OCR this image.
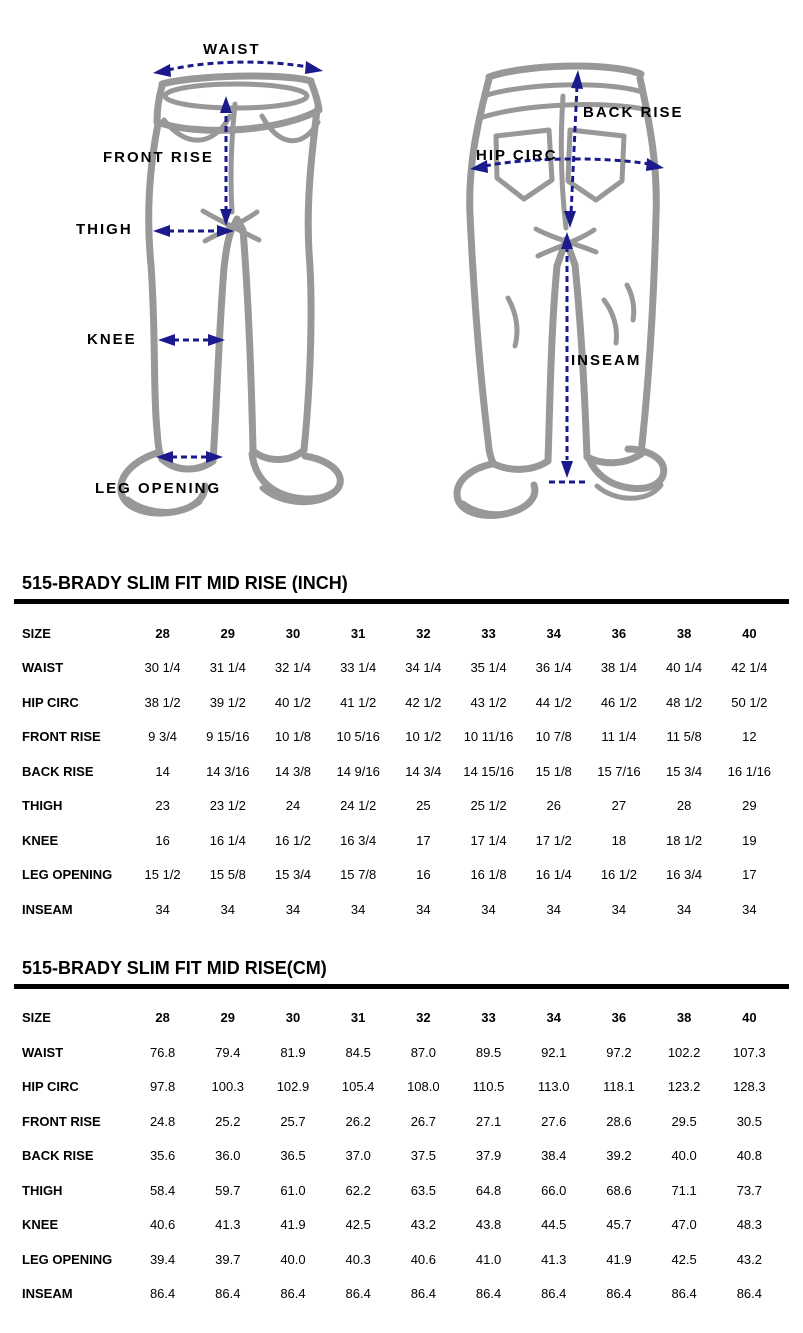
WAIST
FRONT RISE
THIGH
KNEE
LEG OPENING
BACK RISE
HIP CIRC
INSEAM
515-BRADY SLIM FIT MID RISE (INCH)
SIZE	28	29	30	31	32	33	34	36	38	40
WAIST	30 1/4	31 1/4	32 1/4	33 1/4	34 1/4	35 1/4	36 1/4	38 1/4	40 1/4	42 1/4
HIP CIRC	38 1/2	39 1/2	40 1/2	41 1/2	42 1/2	43 1/2	44 1/2	46 1/2	48 1/2	50 1/2
FRONT RISE	9 3/4	9 15/16	10 1/8	10 5/16	10 1/2	10 11/16	10 7/8	11 1/4	11 5/8	12
BACK RISE	14	14 3/16	14 3/8	14 9/16	14 3/4	14 15/16	15 1/8	15 7/16	15 3/4	16 1/16
THIGH	23	23 1/2	24	24 1/2	25	25 1/2	26	27	28	29
KNEE	16	16 1/4	16 1/2	16 3/4	17	17 1/4	17 1/2	18	18 1/2	19
LEG OPENING	15 1/2	15 5/8	15 3/4	15 7/8	16	16 1/8	16 1/4	16 1/2	16 3/4	17
INSEAM	34	34	34	34	34	34	34	34	34	34
515-BRADY SLIM FIT MID RISE(CM)
SIZE	28	29	30	31	32	33	34	36	38	40
WAIST	76.8	79.4	81.9	84.5	87.0	89.5	92.1	97.2	102.2	107.3
HIP CIRC	97.8	100.3	102.9	105.4	108.0	110.5	113.0	118.1	123.2	128.3
FRONT RISE	24.8	25.2	25.7	26.2	26.7	27.1	27.6	28.6	29.5	30.5
BACK RISE	35.6	36.0	36.5	37.0	37.5	37.9	38.4	39.2	40.0	40.8
THIGH	58.4	59.7	61.0	62.2	63.5	64.8	66.0	68.6	71.1	73.7
KNEE	40.6	41.3	41.9	42.5	43.2	43.8	44.5	45.7	47.0	48.3
LEG OPENING	39.4	39.7	40.0	40.3	40.6	41.0	41.3	41.9	42.5	43.2
INSEAM	86.4	86.4	86.4	86.4	86.4	86.4	86.4	86.4	86.4	86.4
